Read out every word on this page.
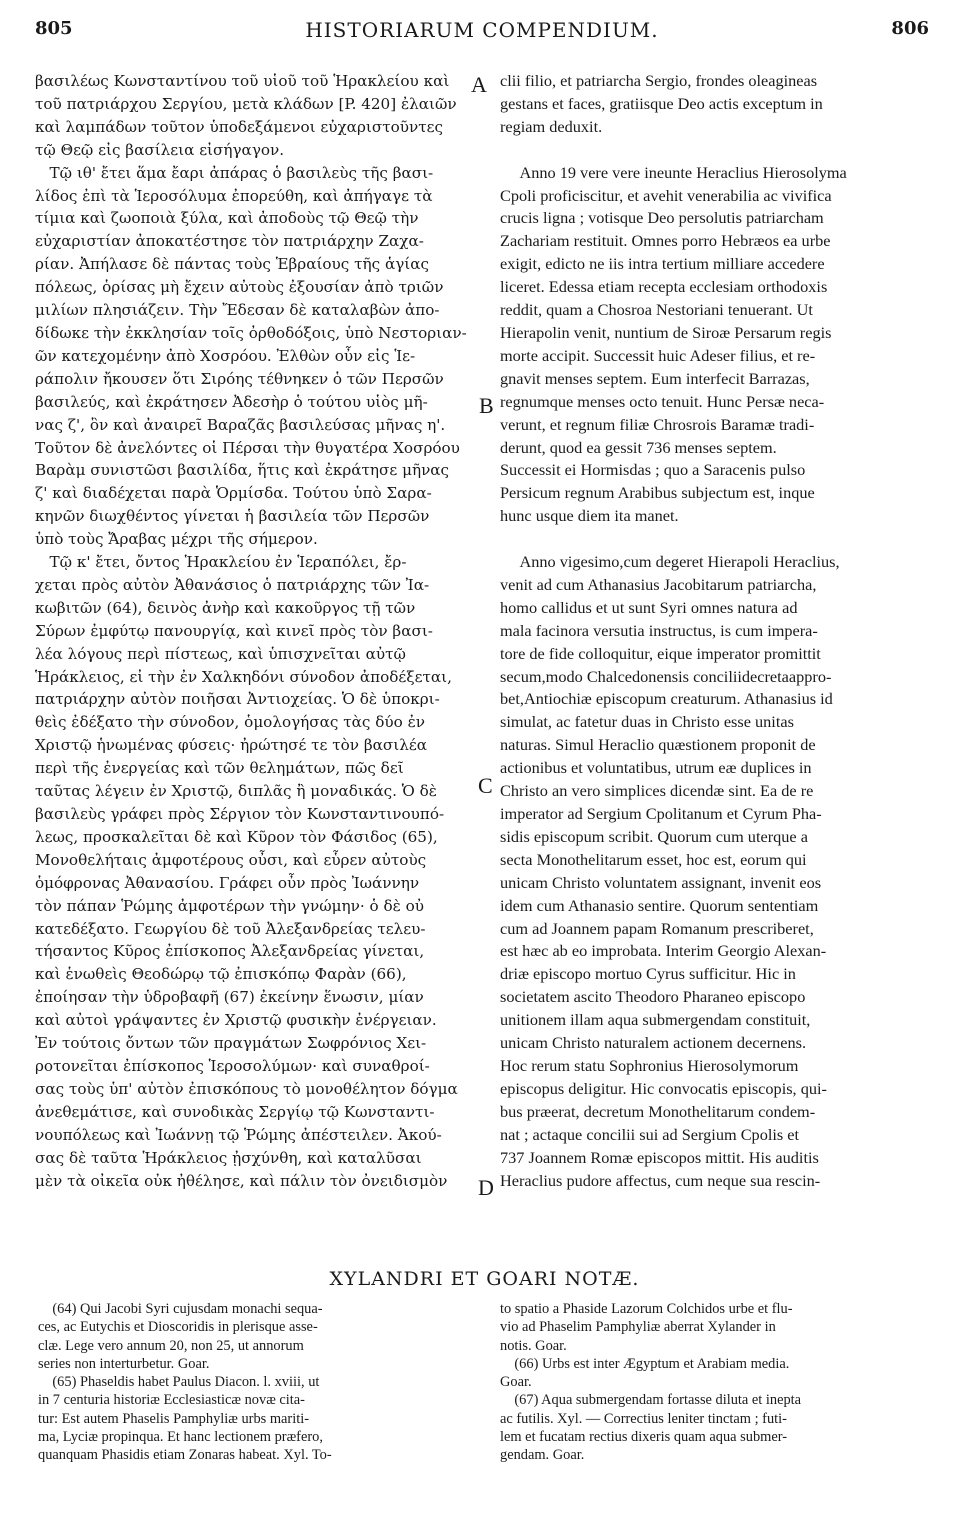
805	HISTORIARUM COMPENDIUM.	806
βασιλέως Κωνσταντίνου τοῦ υἱοῦ τοῦ Ἡρακλείου καὶ
τοῦ πατριάρχου Σεργίου, μετὰ κλάδων [P. 420] ἐλαιῶν
καὶ λαμπάδων τοῦτον ὑποδεξάμενοι εὐχαριστοῦντες
τῷ Θεῷ εἰς βασίλεια εἰσήγαγον.
Τῷ ιθ' ἔτει ἅμα ἔαρι ἀπάρας ὁ βασιλεὺς τῆς βασι-
λίδος ἐπὶ τὰ Ἱεροσόλυμα ἐπορεύθη, καὶ ἀπήγαγε τὰ
τίμια καὶ ζωοποιὰ ξύλα, καὶ ἀποδοὺς τῷ Θεῷ τὴν
εὐχαριστίαν ἀποκατέστησε τὸν πατριάρχην Ζαχα-
ρίαν. Ἀπήλασε δὲ πάντας τοὺς Ἑβραίους τῆς ἁγίας
πόλεως, ὁρίσας μὴ ἔχειν αὐτοὺς ἐξουσίαν ἀπὸ τριῶν
μιλίων πλησιάζειν. Τὴν Ἔδεσαν δὲ καταλαβὼν ἀπο-
δίδωκε τὴν ἐκκλησίαν τοῖς ὀρθοδόξοις, ὑπὸ Νεστοριαν-
ῶν κατεχομένην ἀπὸ Χοσρόου. Ἐλθὼν οὖν εἰς Ἱε-
ράπολιν ἤκουσεν ὅτι Σιρόης τέθνηκεν ὁ τῶν Περσῶν
βασιλεύς, καὶ ἐκράτησεν Ἀδεσὴρ ὁ τούτου υἱὸς μῆ-
νας ζ', ὃν καὶ ἀναιρεῖ Βαραζᾶς βασιλεύσας μῆνας η'.
Τοῦτον δὲ ἀνελόντες οἱ Πέρσαι τὴν θυγατέρα Χοσρόου
Βαρὰμ συνιστῶσι βασιλίδα, ἥτις καὶ ἐκράτησε μῆνας
ζ' καὶ διαδέχεται παρὰ Ὁρμίσδα. Τούτου ὑπὸ Σαρα-
κηνῶν διωχθέντος γίνεται ἡ βασιλεία τῶν Περσῶν
ὑπὸ τοὺς Ἄραβας μέχρι τῆς σήμερον.
Τῷ κ' ἔτει, ὄντος Ἡρακλείου ἐν Ἱεραπόλει, ἔρ-
χεται πρὸς αὐτὸν Ἀθανάσιος ὁ πατριάρχης τῶν Ἰα-
κωβιτῶν (64), δεινὸς ἀνὴρ καὶ κακοῦργος τῇ τῶν
Σύρων ἐμφύτῳ πανουργίᾳ, καὶ κινεῖ πρὸς τὸν βασι-
λέα λόγους περὶ πίστεως, καὶ ὑπισχνεῖται αὐτῷ
Ἡράκλειος, εἰ τὴν ἐν Χαλκηδόνι σύνοδον ἀποδέξεται,
πατριάρχην αὐτὸν ποιῆσαι Ἀντιοχείας. Ὁ δὲ ὑποκρι-
θεὶς ἐδέξατο τὴν σύνοδον, ὁμολογήσας τὰς δύο ἐν
Χριστῷ ἡνωμένας φύσεις· ἠρώτησέ τε τὸν βασιλέα
περὶ τῆς ἐνεργείας καὶ τῶν θελημάτων, πῶς δεῖ
ταῦτας λέγειν ἐν Χριστῷ, διπλᾶς ἢ μοναδικάς. Ὁ δὲ
βασιλεὺς γράφει πρὸς Σέργιον τὸν Κωνσταντινουπό-
λεως, προσκαλεῖται δὲ καὶ Κῦρον τὸν Φάσιδος (65),
Μονοθελήταις ἀμφοτέρους οὖσι, καὶ εὗρεν αὐτοὺς
ὁμόφρονας Ἀθανασίου. Γράφει οὖν πρὸς Ἰωάννην
τὸν πάπαν Ῥώμης ἀμφοτέρων τὴν γνώμην· ὁ δὲ οὐ
κατεδέξατο. Γεωργίου δὲ τοῦ Ἀλεξανδρείας τελευ-
τήσαντος Κῦρος ἐπίσκοπος Ἀλεξανδρείας γίνεται,
καὶ ἑνωθεὶς Θεοδώρῳ τῷ ἐπισκόπῳ Φαρὰν (66),
ἐποίησαν τὴν ὑδροβαφῆ (67) ἐκείνην ἕνωσιν, μίαν
καὶ αὐτοὶ γράψαντες ἐν Χριστῷ φυσικὴν ἐνέργειαν.
Ἐν τούτοις ὄντων τῶν πραγμάτων Σωφρόνιος Χει-
ροτονεῖται ἐπίσκοπος Ἱεροσολύμων· καὶ συναθροί-
σας τοὺς ὑπ' αὐτὸν ἐπισκόπους τὸ μονοθέλητον δόγμα
ἀνεθεμάτισε, καὶ συνοδικὰς Σεργίῳ τῷ Κωνσταντι-
νουπόλεως καὶ Ἰωάννῃ τῷ Ῥώμης ἀπέστειλεν. Ἀκού-
σας δὲ ταῦτα Ἡράκλειος ᾐσχύνθη, καὶ καταλῦσαι
μὲν τὰ οἰκεῖα οὐκ ἠθέλησε, καὶ πάλιν τὸν ὀνειδισμὸν
A
B
C
D
clii filio, et patriarcha Sergio, frondes oleagineas
gestans et faces, gratiisque Deo actis exceptum in
regiam deduxit.

Anno 19 vere vere ineunte Heraclius Hierosolyma
Cpoli proficiscitur, et avehit venerabilia ac vivifica
crucis ligna ; votisque Deo persolutis patriarcham
Zachariam restituit. Omnes porro Hebræos ea urbe
exigit, edicto ne iis intra tertium milliare accedere
liceret. Edessa etiam recepta ecclesiam orthodoxis
reddit, quam a Chosroa Nestoriani tenuerant. Ut
Hierapolin venit, nuntium de Siroæ Persarum regis
morte accipit. Successit huic Adeser filius, et re-
gnavit menses septem. Eum interfecit Barrazas,
regnumque menses octo tenuit. Hunc Persæ neca-
verunt, et regnum filiæ Chrosrois Baramæ tradi-
derunt, quod ea gessit 736 menses septem.
Successit ei Hormisdas ; quo a Saracenis pulso
Persicum regnum Arabibus subjectum est, inque
hunc usque diem ita manet.

Anno vigesimo,cum degeret Hierapoli Heraclius,
venit ad cum Athanasius Jacobitarum patriarcha,
homo callidus et ut sunt Syri omnes natura ad
mala facinora versutia instructus, is cum impera-
tore de fide colloquitur, eique imperator promittit
secum,modo Chalcedonensis conciliidecretaappro-
bet,Antiochiæ episcopum creaturum. Athanasius id
simulat, ac fatetur duas in Christo esse unitas
naturas. Simul Heraclio quæstionem proponit de
actionibus et voluntatibus, utrum eæ duplices in
Christo an vero simplices dicendæ sint. Ea de re
imperator ad Sergium Cpolitanum et Cyrum Pha-
sidis episcopum scribit. Quorum cum uterque a
secta Monothelitarum esset, hoc est, eorum qui
unicam Christo voluntatem assignant, invenit eos
idem cum Athanasio sentire. Quorum sententiam
cum ad Joannem papam Romanum prescriberet,
est hæc ab eo improbata. Interim Georgio Alexan-
driæ episcopo mortuo Cyrus sufficitur. Hic in
societatem ascito Theodoro Pharaneo episcopo
unitionem illam aqua submergendam constituit,
unicam Christo naturalem actionem decernens.
Hoc rerum statu Sophronius Hierosolymorum
episcopus deligitur. Hic convocatis episcopis, qui-
bus præerat, decretum Monothelitarum condem-
nat ; actaque concilii sui ad Sergium Cpolis et
737 Joannem Romæ episcopos mittit. His auditis
Heraclius pudore affectus, cum neque sua rescin-
XYLANDRI ET GOARI NOTÆ.
(64) Qui Jacobi Syri cujusdam monachi sequa-
ces, ac Eutychis et Dioscoridis in plerisque asse-
clæ. Lege vero annum 20, non 25, ut annorum
series non interturbetur. Goar.
(65) Phaseldis habet Paulus Diacon. l. xviii, ut
in 7 centuria historiæ Ecclesiasticæ novæ cita-
tur: Est autem Phaselis Pamphyliæ urbs mariti-
ma, Lyciæ propinqua. Et hanc lectionem præfero,
quanquam Phasidis etiam Zonaras habeat. Xyl. To-
to spatio a Phaside Lazorum Colchidos urbe et flu-
vio ad Phaselim Pamphyliæ aberrat Xylander in
notis. Goar.
(66) Urbs est inter Ægyptum et Arabiam media.
Goar.
(67) Aqua submergendam fortasse diluta et inepta
ac futilis. Xyl. — Correctius leniter tinctam ; futi-
lem et fucatam rectius dixeris quam aqua submer-
gendam. Goar.
